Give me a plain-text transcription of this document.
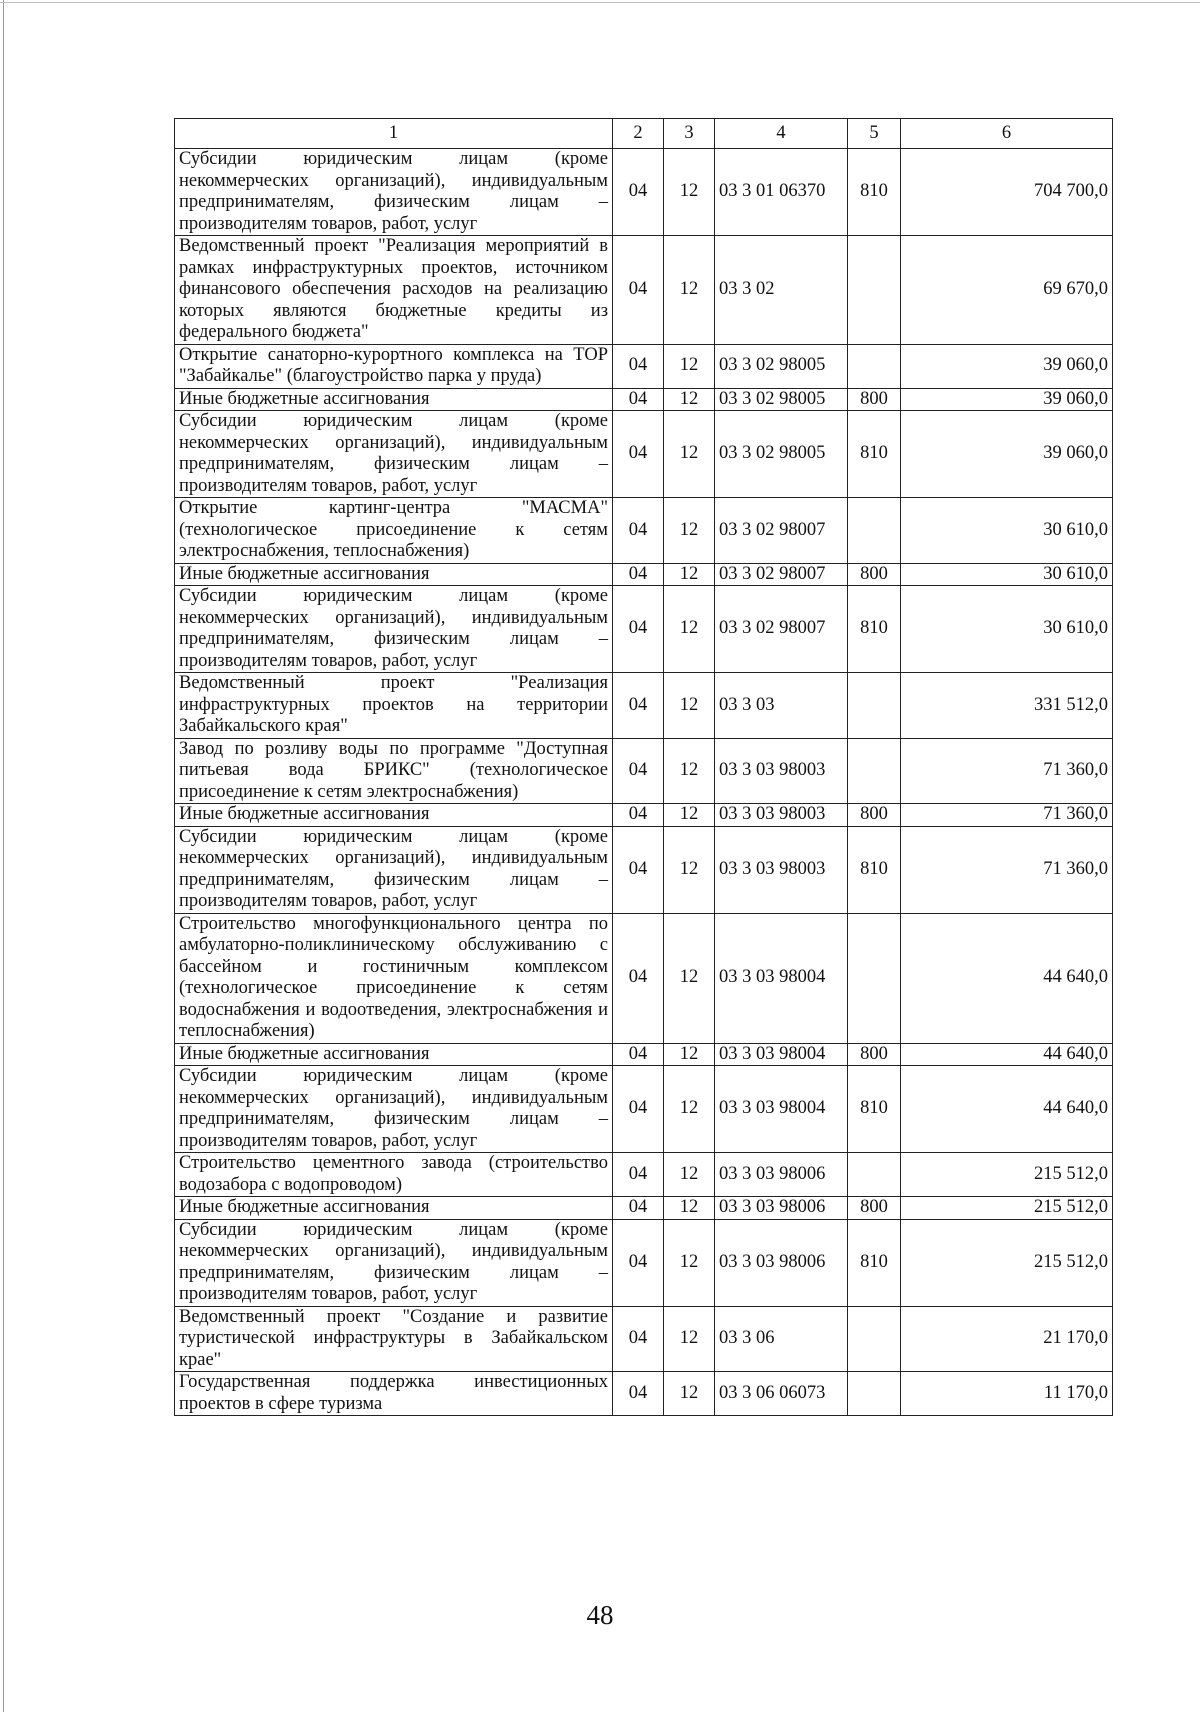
1	2	3	4	5	6
Субсидии юридическим лицам (кроме некоммерческих организаций), индивидуальным предпринимателям, физическим лицам – производителям товаров, работ, услуг	04	12	03 3 01 06370	810	704 700,0
Ведомственный проект "Реализация мероприятий в рамках инфраструктурных проектов, источником финансового обеспечения расходов на реализацию которых являются бюджетные кредиты из федерального бюджета"	04	12	03 3 02		69 670,0
Открытие санаторно-курортного комплекса на ТОР "Забайкалье" (благоустройство парка у пруда)	04	12	03 3 02 98005		39 060,0
Иные бюджетные ассигнования	04	12	03 3 02 98005	800	39 060,0
Субсидии юридическим лицам (кроме некоммерческих организаций), индивидуальным предпринимателям, физическим лицам – производителям товаров, работ, услуг	04	12	03 3 02 98005	810	39 060,0
Открытие картинг-центра "МАСМА" (технологическое присоединение к сетям электроснабжения, теплоснабжения)	04	12	03 3 02 98007		30 610,0
Иные бюджетные ассигнования	04	12	03 3 02 98007	800	30 610,0
Субсидии юридическим лицам (кроме некоммерческих организаций), индивидуальным предпринимателям, физическим лицам – производителям товаров, работ, услуг	04	12	03 3 02 98007	810	30 610,0
Ведомственный проект "Реализация инфраструктурных проектов на территории Забайкальского края"	04	12	03 3 03		331 512,0
Завод по розливу воды по программе "Доступная питьевая вода БРИКС" (технологическое присоединение к сетям электроснабжения)	04	12	03 3 03 98003		71 360,0
Иные бюджетные ассигнования	04	12	03 3 03 98003	800	71 360,0
Субсидии юридическим лицам (кроме некоммерческих организаций), индивидуальным предпринимателям, физическим лицам – производителям товаров, работ, услуг	04	12	03 3 03 98003	810	71 360,0
Строительство многофункционального центра по амбулаторно-поликлиническому обслуживанию с бассейном и гостиничным комплексом (технологическое присоединение к сетям водоснабжения и водоотведения, электроснабжения и теплоснабжения)	04	12	03 3 03 98004		44 640,0
Иные бюджетные ассигнования	04	12	03 3 03 98004	800	44 640,0
Субсидии юридическим лицам (кроме некоммерческих организаций), индивидуальным предпринимателям, физическим лицам – производителям товаров, работ, услуг	04	12	03 3 03 98004	810	44 640,0
Строительство цементного завода (строительство водозабора с водопроводом)	04	12	03 3 03 98006		215 512,0
Иные бюджетные ассигнования	04	12	03 3 03 98006	800	215 512,0
Субсидии юридическим лицам (кроме некоммерческих организаций), индивидуальным предпринимателям, физическим лицам – производителям товаров, работ, услуг	04	12	03 3 03 98006	810	215 512,0
Ведомственный проект "Создание и развитие туристической инфраструктуры в Забайкальском крае"	04	12	03 3 06		21 170,0
Государственная поддержка инвестиционных проектов в сфере туризма	04	12	03 3 06 06073		11 170,0
48
